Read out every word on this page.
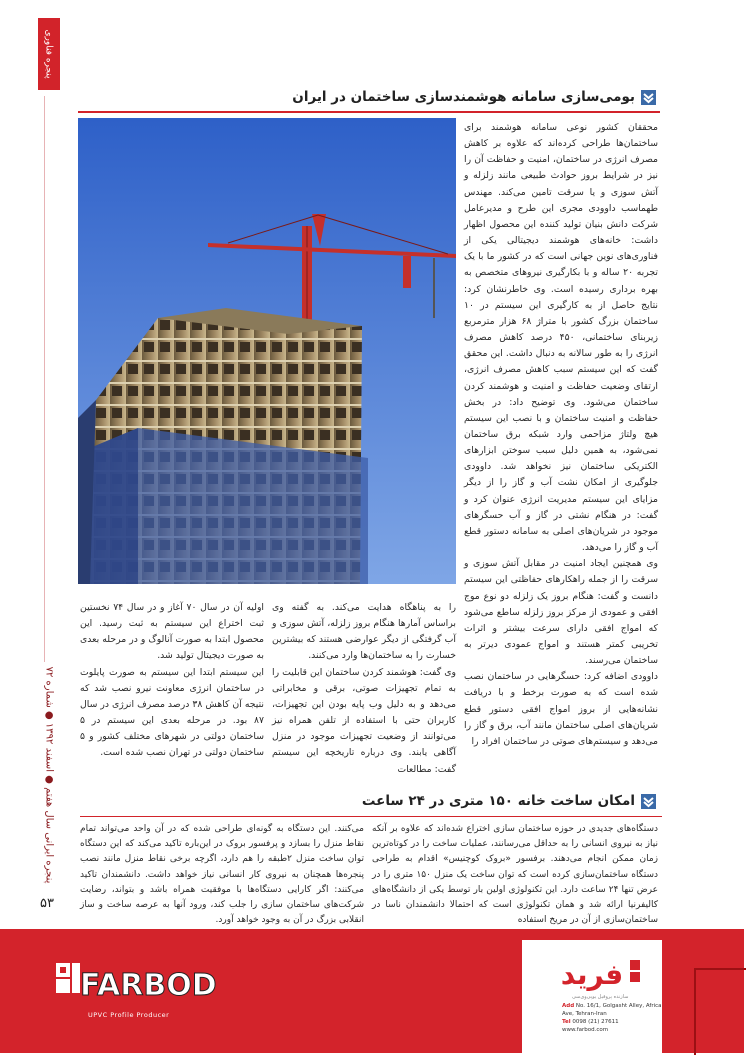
پنجره فناوری
پنجره ایرانی سال هفتم ● اسفند ۱۳۹۲ ● شماره ۷۲
۵۳
بومی‌سازی سامانه هوشمندسازی ساختمان در ایران

محققان کشور نوعی سامانه هوشمند برای ساختمان‌ها طراحی کرده‌اند که علاوه بر کاهش مصرف انرژی در ساختمان، امنیت و حفاظت آن را نیز در شرایط بروز حوادث طبیعی مانند زلزله و آتش سوزی و یا سرقت تامین می‌کند. مهندس طهماسب داوودی مجری این طرح و مدیرعامل شرکت دانش بنیان تولید کننده این محصول اظهار داشت: خانه‌های هوشمند دیجیتالی یکی از فناوری‌های نوین جهانی است که در کشور ما با یک تجربه ۲۰ ساله و با بکارگیری نیروهای متخصص به بهره برداری رسیده است. وی خاطرنشان کرد: نتایج حاصل از به کارگیری این سیستم در ۱۰ ساختمان بزرگ کشور با متراژ ۶۸ هزار مترمربع زیربنای ساختمانی، ۴۵۰ درصد کاهش مصرف انرژی را به طور سالانه به دنبال داشت. این محقق گفت که این سیستم سبب کاهش مصرف انرژی، ارتقای وضعیت حفاظت و امنیت و هوشمند کردن ساختمان می‌شود. وی توضیح داد: در بخش حفاظت و امنیت ساختمان و با نصب این سیستم هیچ ولتاژ مزاحمی وارد شبکه برق ساختمان نمی‌شود، به همین دلیل سبب سوختن ابزارهای الکتریکی ساختمان نیز نخواهد شد. داوودی جلوگیری از امکان نشت آب و گاز را از دیگر مزایای این سیستم مدیریت انرژی عنوان کرد و گفت: در هنگام نشتی در گاز و آب حسگرهای موجود در شریان‌های اصلی به سامانه دستور قطع آب و گاز را می‌دهد.

وی همچنین ایجاد امنیت در مقابل آتش سوزی و سرقت را از جمله راهکارهای حفاظتی این سیستم دانست و گفت: هنگام بروز یک زلزله دو نوع موج افقی و عمودی از مرکز بروز زلزله ساطع می‌شود که امواج افقی دارای سرعت بیشتر و اثرات تخریبی کمتر هستند و امواج عمودی دیرتر به ساختمان می‌رسند.

داوودی اضافه کرد: حسگرهایی در ساختمان نصب شده است که به صورت برخط و با دریافت نشانه‌هایی از بروز امواج افقی دستور قطع شریان‌های اصلی ساختمان مانند آب، برق و گاز را می‌دهد و سیستم‌های صوتی در ساختمان افراد را

را به پناهگاه هدایت می‌کند. به گفته وی براساس آمارها هنگام بروز زلزله، آتش سوزی و آب گرفتگی از دیگر عوارضی هستند که بیشترین خسارت را به ساختمان‌ها وارد می‌کنند.

وی گفت: هوشمند کردن ساختمان این قابلیت را به تمام تجهیزات صوتی، برقی و مخابراتی می‌دهد و به دلیل وب پایه بودن این تجهیزات، کاربران حتی با استفاده از تلفن همراه نیز می‌توانند از وضعیت تجهیزات موجود در منزل آگاهی یابند. وی درباره تاریخچه این سیستم گفت: مطالعات

اولیه آن در سال ۷۰ آغاز و در سال ۷۴ نخستین ثبت اختراع این سیستم به ثبت رسید. این محصول ابتدا به صورت آنالوگ و در مرحله بعدی به صورت دیجیتال تولید شد.

این سیستم ابتدا این سیستم به صورت پایلوت در ساختمان انرژی معاونت نیرو نصب شد که نتیجه آن کاهش ۳۸ درصد مصرف انرژی در سال ۸۷ بود. در مرحله بعدی این سیستم در ۵ ساختمان دولتی در شهرهای مختلف کشور و ۵ ساختمان دولتی در تهران نصب شده است.

امکان ساخت خانه ۱۵۰ متری در ۲۴ ساعت

دستگاه‌های جدیدی در حوزه ساختمان سازی اختراع شده‌اند که علاوه بر آنکه نیاز به نیروی انسانی را به حداقل می‌رسانند، عملیات ساخت را در کوتاه‌ترین زمان ممکن انجام می‌دهند. برفسور «بروک کوچنیس» اقدام به طراحی دستگاه ساختمان‌سازی کرده است که توان ساخت یک منزل ۱۵۰ متری را در عرض تنها ۲۴ ساعت دارد. این تکنولوژی اولین بار توسط یکی از دانشگاه‌های کالیفرنیا ارائه شد و همان تکنولوژی است که احتمالا دانشمندان ناسا در ساختمان‌سازی از آن در مریخ استفاده

می‌کنند. این دستگاه به گونه‌ای طراحی شده که در آن واحد می‌تواند تمام نقاط منزل را بسازد و پرفسور بروک در این‌باره تاکید می‌کند که این دستگاه توان ساخت منزل ۲طبقه را هم دارد، اگرچه برخی نقاط منزل مانند نصب پنجره‌ها همچنان به نیروی کار انسانی نیاز خواهد داشت. دانشمندان تاکید می‌کنند: اگر کارایی دستگاه‌ها با موفقیت همراه باشد و بتواند، رضایت شرکت‌های ساختمان سازی را جلب کند، ورود آنها به عرصه ساخت و ساز انقلابی بزرگ در آن به وجود خواهد آورد.

FARBOD
UPVC Profile Producer
فرید
سازنده پروفیل یو‌پی‌وی‌سی
Add No. 16/1, Golgasht Alley, Africa Ave, Tehran-Iran
Tel 0098 (21) 27611
www.farbod.com
